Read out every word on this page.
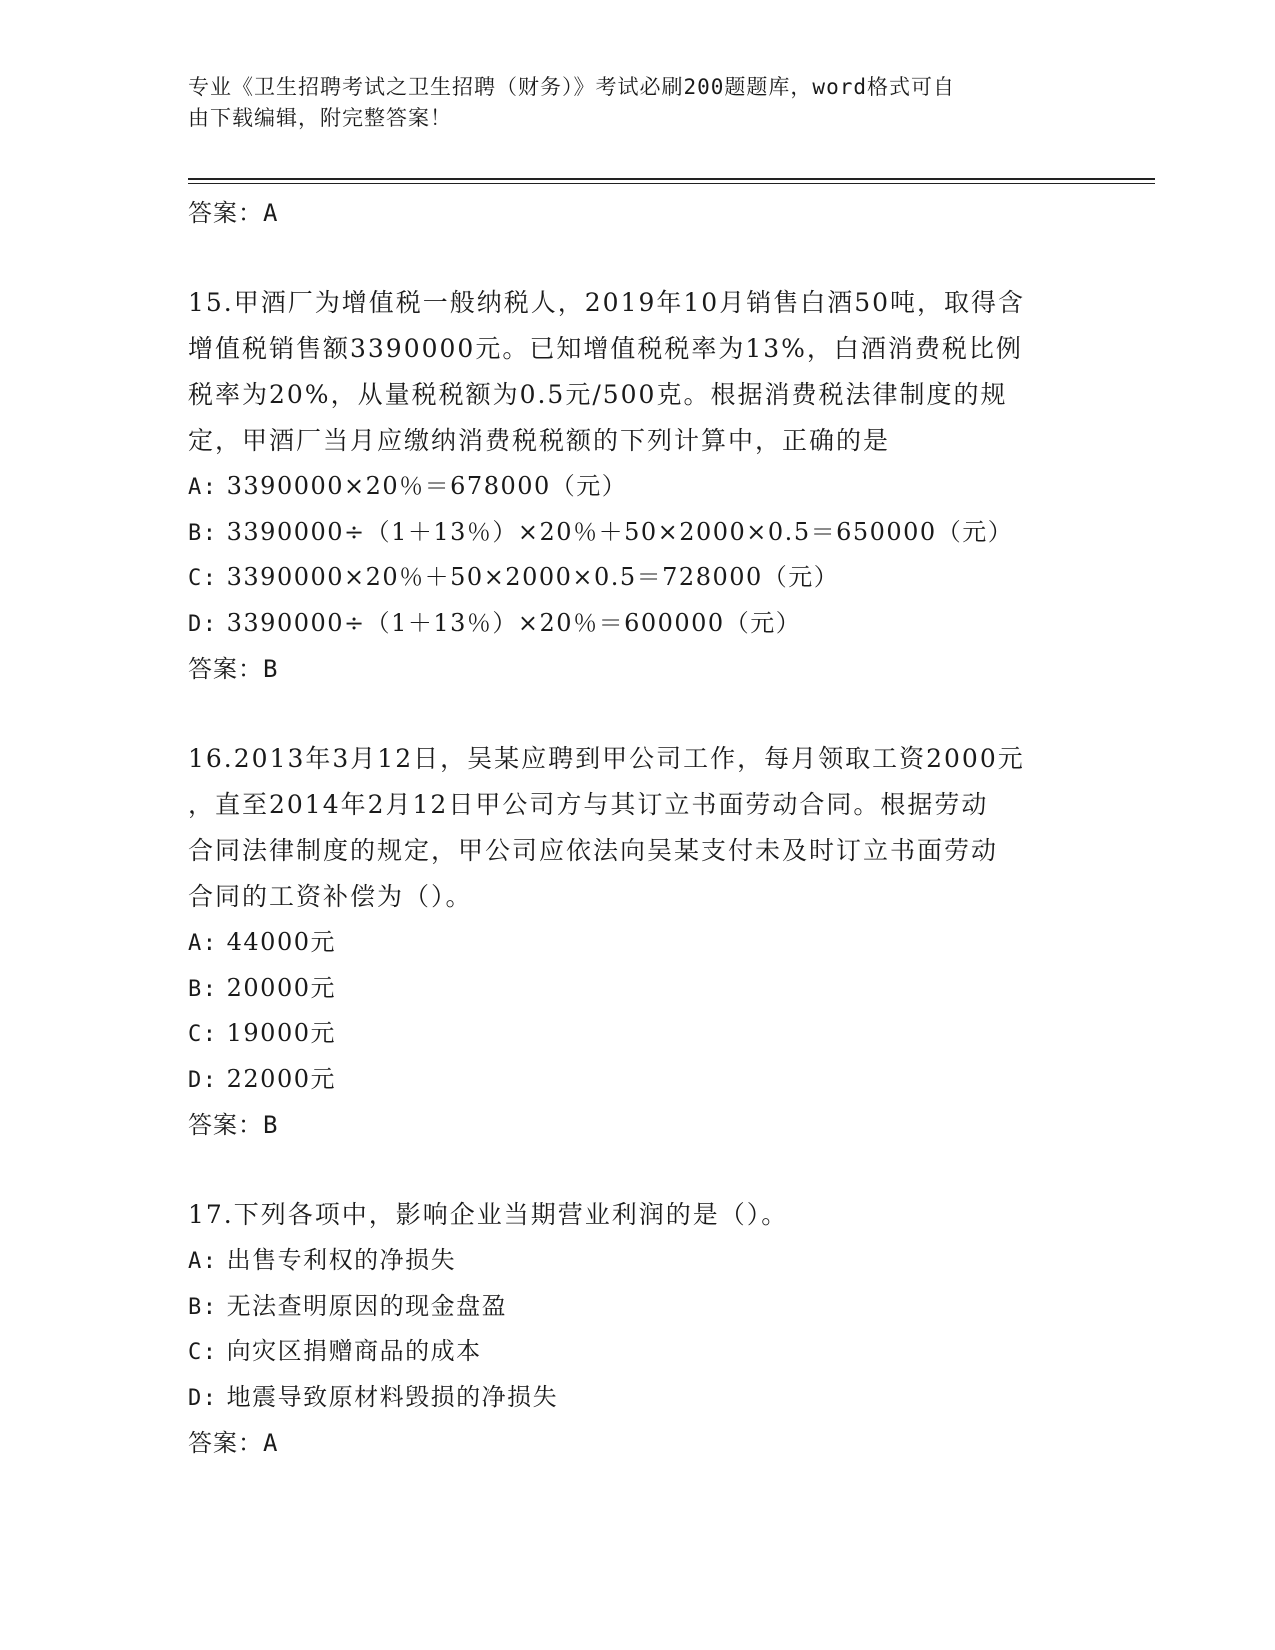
专业《卫生招聘考试之卫生招聘（财务）》考试必刷200题题库，word格式可自
由下载编辑，附完整答案！
答案：A
15.甲酒厂为增值税一般纳税人，2019年10月销售白酒50吨，取得含
增值税销售额3390000元。已知增值税税率为13%，白酒消费税比例
税率为20%，从量税税额为0.5元/500克。根据消费税法律制度的规
定，甲酒厂当月应缴纳消费税税额的下列计算中，正确的是
A: 3390000×20％＝678000（元）
B: 3390000÷（1＋13％）×20％＋50×2000×0.5＝650000（元）
C: 3390000×20％＋50×2000×0.5＝728000（元）
D: 3390000÷（1＋13％）×20％＝600000（元）
答案：B
16.2013年3月12日，吴某应聘到甲公司工作，每月领取工资2000元
，直至2014年2月12日甲公司方与其订立书面劳动合同。根据劳动
合同法律制度的规定，甲公司应依法向吴某支付未及时订立书面劳动
合同的工资补偿为（）。
A: 44000元
B: 20000元
C: 19000元
D: 22000元
答案：B
17.下列各项中，影响企业当期营业利润的是（）。
A: 出售专利权的净损失
B: 无法查明原因的现金盘盈
C: 向灾区捐赠商品的成本
D: 地震导致原材料毁损的净损失
答案：A
